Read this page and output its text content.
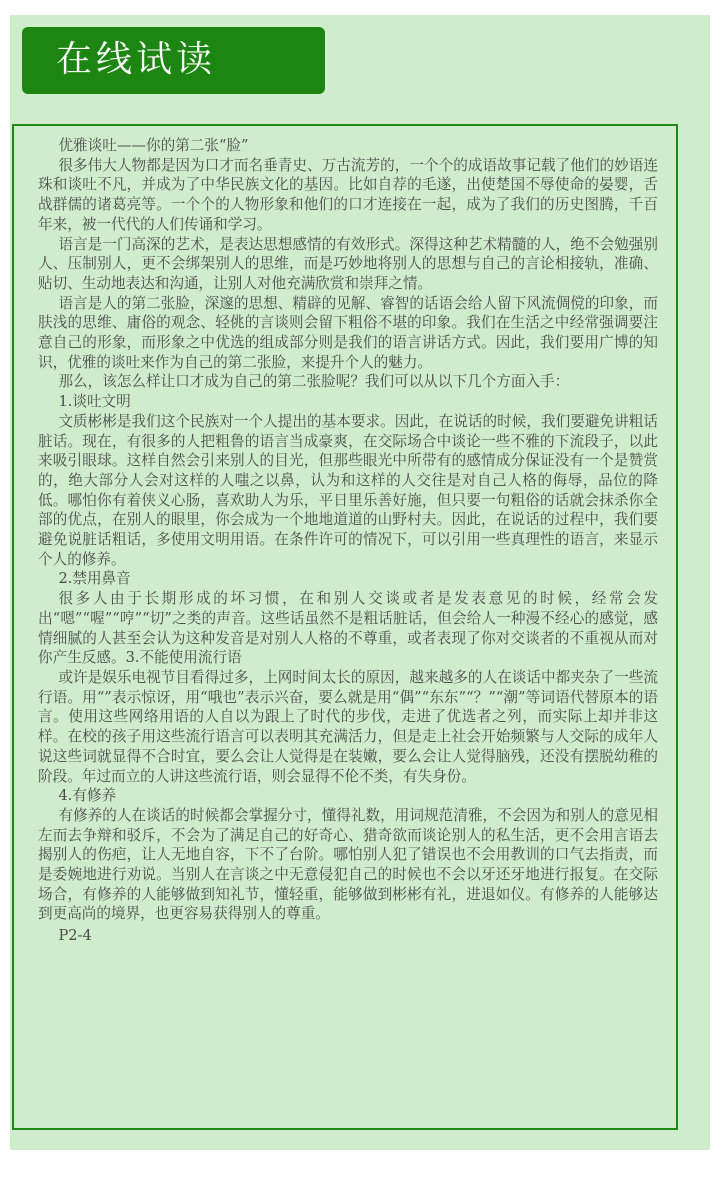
在线试读

优雅谈吐——你的第二张“脸”

很多伟大人物都是因为口才而名垂青史、万古流芳的，一个个的成语故事记载了他们的妙语连珠和谈吐不凡，并成为了中华民族文化的基因。比如自荐的毛遂，出使楚国不辱使命的晏婴，舌战群儒的诸葛亮等。一个个的人物形象和他们的口才连接在一起，成为了我们的历史图腾，千百年来，被一代代的人们传诵和学习。

语言是一门高深的艺术，是表达思想感情的有效形式。深得这种艺术精髓的人，绝不会勉强别人、压制别人，更不会绑架别人的思维，而是巧妙地将别人的思想与自己的言论相接轨，准确、贴切、生动地表达和沟通，让别人对他充满欣赏和崇拜之情。

语言是人的第二张脸，深邃的思想、精辟的见解、睿智的话语会给人留下风流倜傥的印象，而肤浅的思维、庸俗的观念、轻佻的言谈则会留下粗俗不堪的印象。我们在生活之中经常强调要注意自己的形象，而形象之中优选的组成部分则是我们的语言讲话方式。因此，我们要用广博的知识，优雅的谈吐来作为自己的第二张脸，来提升个人的魅力。

那么，该怎么样让口才成为自己的第二张脸呢？我们可以从以下几个方面入手：

1.谈吐文明

文质彬彬是我们这个民族对一个人提出的基本要求。因此，在说话的时候，我们要避免讲粗话脏话。现在，有很多的人把粗鲁的语言当成豪爽，在交际场合中谈论一些不雅的下流段子，以此来吸引眼球。这样自然会引来别人的目光，但那些眼光中所带有的感情成分保证没有一个是赞赏的，绝大部分人会对这样的人嗤之以鼻，认为和这样的人交往是对自己人格的侮辱，品位的降低。哪怕你有着侠义心肠，喜欢助人为乐，平日里乐善好施，但只要一句粗俗的话就会抹杀你全部的优点，在别人的眼里，你会成为一个地地道道的山野村夫。因此，在说话的过程中，我们要避免说脏话粗话，多使用文明用语。在条件许可的情况下，可以引用一些真理性的语言，来显示个人的修养。

2.禁用鼻音

很多人由于长期形成的坏习惯，在和别人交谈或者是发表意见的时候，经常会发出“嗯”“喔”“哼”“切”之类的声音。这些话虽然不是粗话脏话，但会给人一种漫不经心的感觉，感情细腻的人甚至会认为这种发音是对别人人格的不尊重，或者表现了你对交谈者的不重视从而对你产生反感。3.不能使用流行语

或许是娱乐电视节目看得过多，上网时间太长的原因，越来越多的人在谈话中都夹杂了一些流行语。用“”表示惊讶，用“哦也”表示兴奋，要么就是用“偶”“东东”“？”“潮”等词语代替原本的语言。使用这些网络用语的人自以为跟上了时代的步伐，走进了优选者之列，而实际上却并非这样。在校的孩子用这些流行语言可以表明其充满活力，但是走上社会开始频繁与人交际的成年人说这些词就显得不合时宜，要么会让人觉得是在装嫩，要么会让人觉得脑残，还没有摆脱幼稚的阶段。年过而立的人讲这些流行语，则会显得不伦不类，有失身份。

4.有修养

有修养的人在谈话的时候都会掌握分寸，懂得礼数，用词规范清雅，不会因为和别人的意见相左而去争辩和驳斥，不会为了满足自己的好奇心、猎奇欲而谈论别人的私生活，更不会用言语去揭别人的伤疤，让人无地自容，下不了台阶。哪怕别人犯了错误也不会用教训的口气去指责，而是委婉地进行劝说。当别人在言谈之中无意侵犯自己的时候也不会以牙还牙地进行报复。在交际场合，有修养的人能够做到知礼节，懂轻重，能够做到彬彬有礼，进退如仪。有修养的人能够达到更高尚的境界，也更容易获得别人的尊重。

P2-4
